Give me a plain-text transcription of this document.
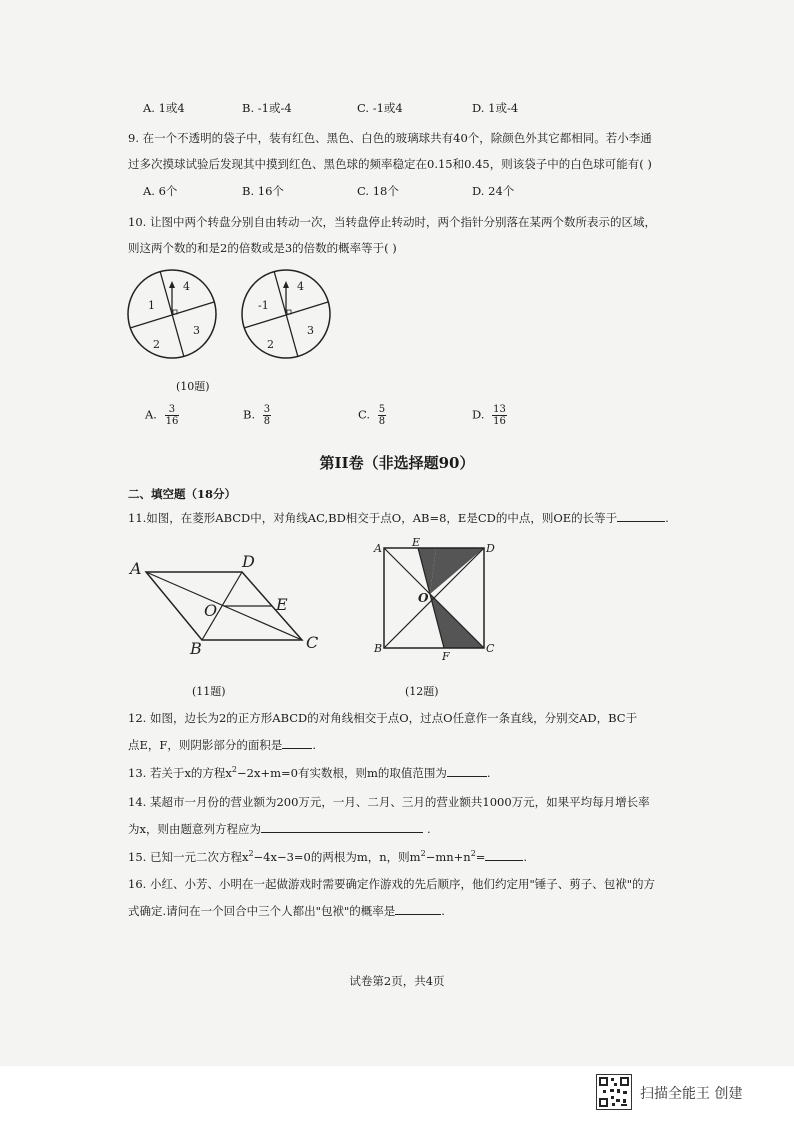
A. 1或4	B. -1或-4	C. -1或4	D. 1或-4
9. 在一个不透明的袋子中，装有红色、黑色、白色的玻璃球共有40个，除颜色外其它都相同。若小李通
过多次摸球试验后发现其中摸到红色、黑色球的频率稳定在0.15和0.45，则该袋子中的白色球可能有( )
A. 6个	B. 16个	C. 18个	D. 24个
10. 让图中两个转盘分别自由转动一次，当转盘停止转动时，两个指针分别落在某两个数所表示的区域，
则这两个数的和是2的倍数或是3的倍数的概率等于( )
1
4
2
3
-1
4
2
3
(10题)
A. $\frac{3}{16}$	B. $\frac{3}{8}$	C. $\frac{5}{8}$	D. $\frac{13}{16}$
第II卷（非选择题90）
二、填空题（18分）
11.如图，在菱形ABCD中，对角线AC,BD相交于点O，AB=8，E是CD的中点，则OE的长等于	.
A	D
O	E
B	C
(11题)
A	E	D
O
B
F
C
(12题)
12. 如图，边长为2的正方形ABCD的对角线相交于点O，过点O任意作一条直线，分别交AD，BC于
点E，F，则阴影部分的面积是	.
13. 若关于x的方程$x^2-2x+m=0$有实数根，则m的取值范围为	.
14. 某超市一月份的营业额为200万元，一月、二月、三月的营业额共1000万元，如果平均每月增长率
为x，则由题意列方程应为	.
15. 已知一元二次方程$x^2-4x-3=0$的两根为m，n，则$m^2-mn+n^2=$	.
16. 小红、小芳、小明在一起做游戏时需要确定作游戏的先后顺序，他们约定用"锤子、剪子、包袱"的方
式确定.请问在一个回合中三个人都出"包袱"的概率是	.
试卷第2页，共4页
扫描全能王 创建
